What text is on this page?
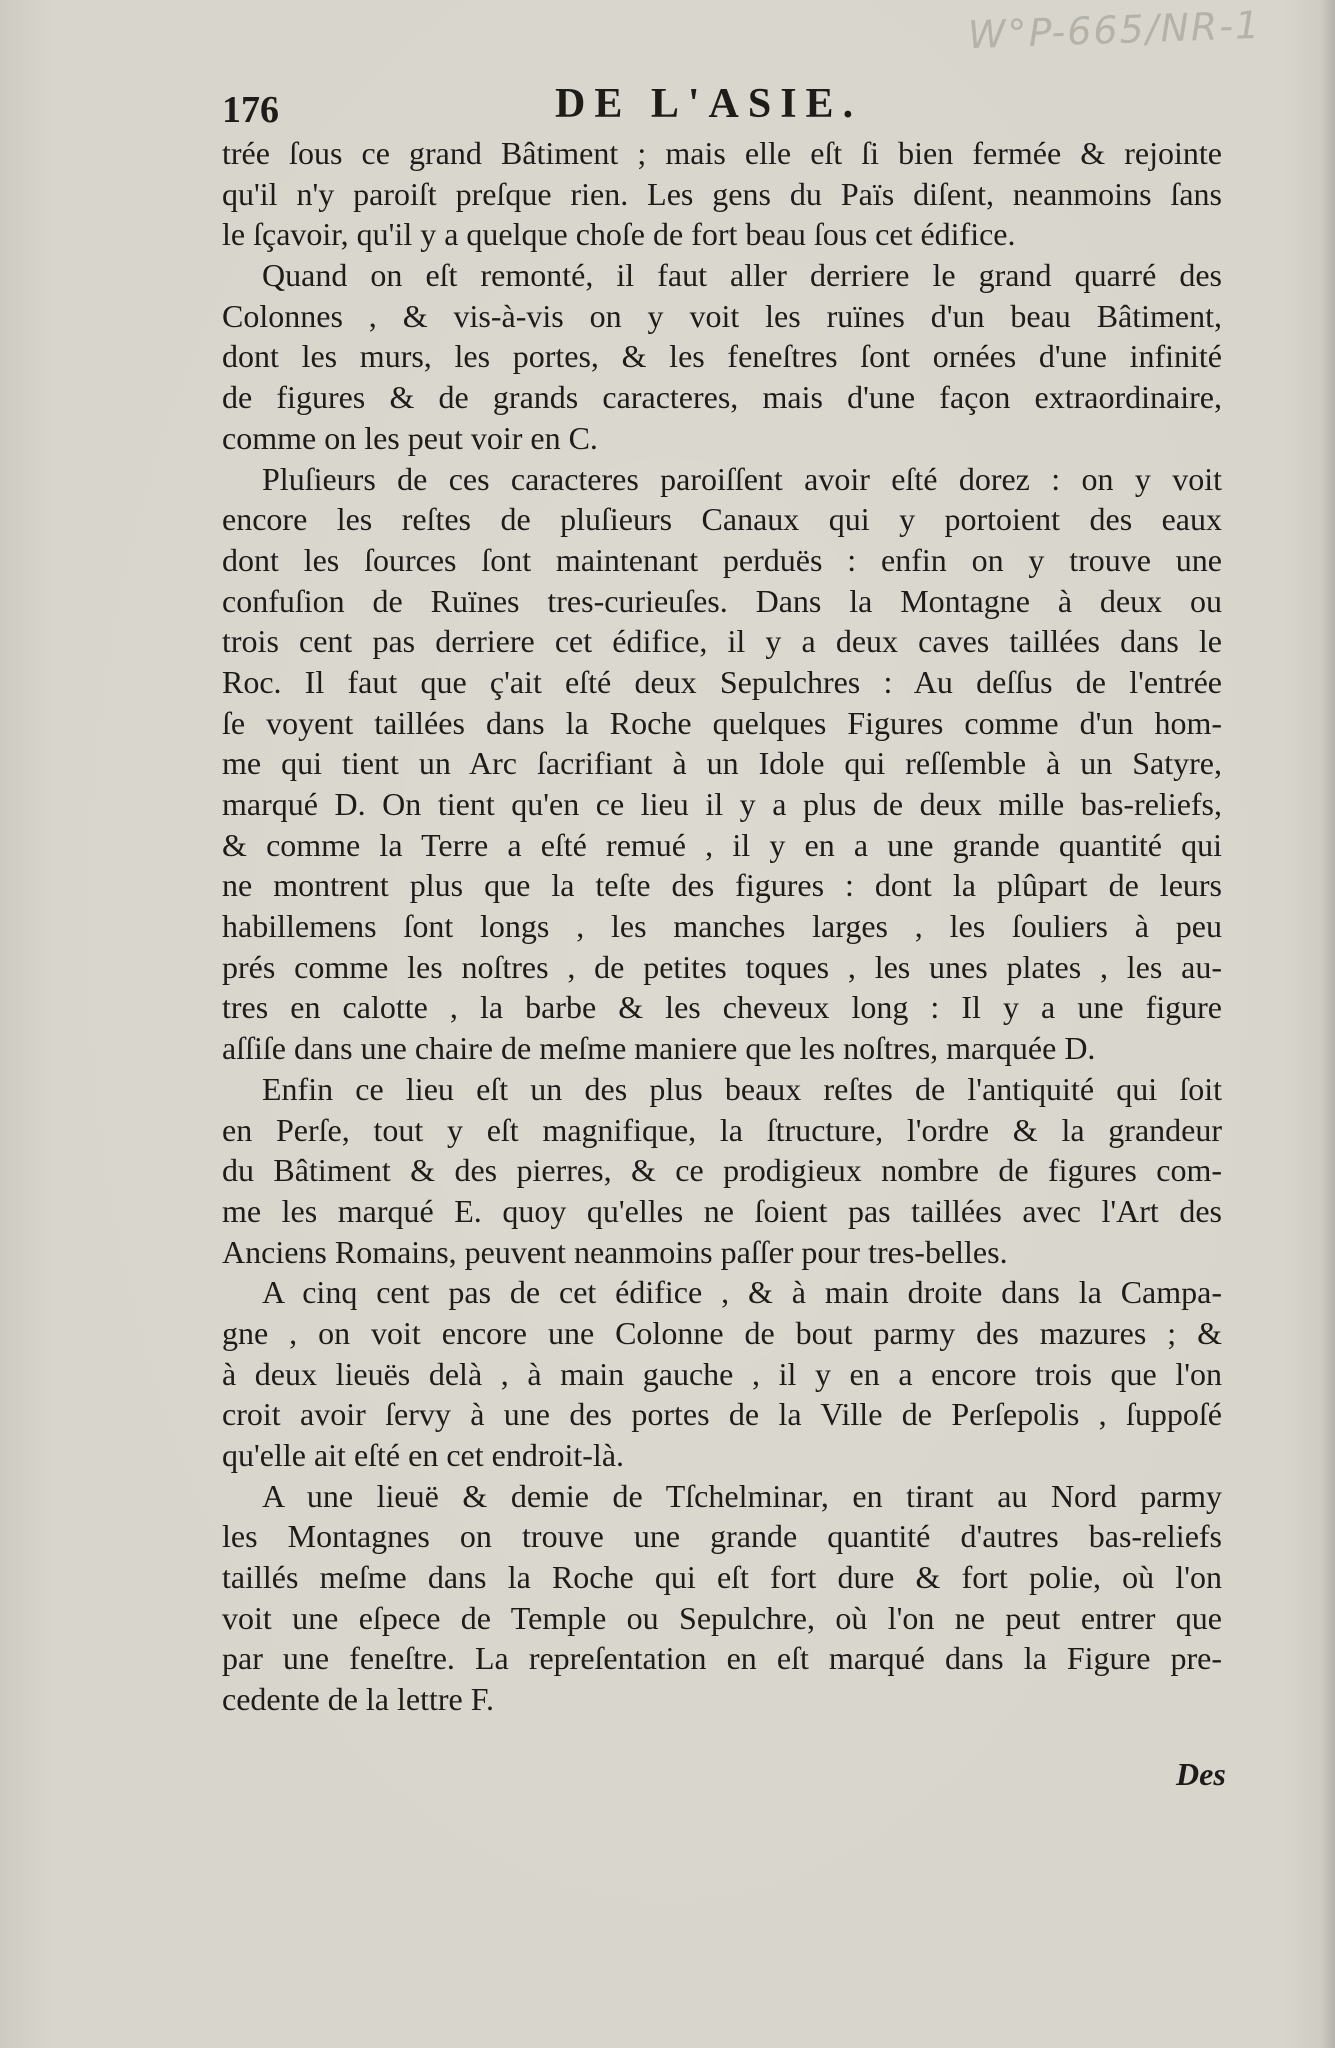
W°P-665/NR-1
176	DE L'ASIE.
trée ſous ce grand Bâtiment ; mais elle eſt ſi bien fermée & rejointe
qu'il n'y paroiſt preſque rien. Les gens du Païs diſent, neanmoins ſans
le ſçavoir, qu'il y a quelque choſe de fort beau ſous cet édifice.
Quand on eſt remonté, il faut aller derriere le grand quarré des
Colonnes , & vis-à-vis on y voit les ruïnes d'un beau Bâtiment,
dont les murs, les portes, & les feneſtres ſont ornées d'une infinité
de figures & de grands caracteres, mais d'une façon extraordinaire,
comme on les peut voir en C.
Pluſieurs de ces caracteres paroiſſent avoir eſté dorez : on y voit
encore les reſtes de pluſieurs Canaux qui y portoient des eaux
dont les ſources ſont maintenant perduës : enfin on y trouve une
confuſion de Ruïnes tres-curieuſes. Dans la Montagne à deux ou
trois cent pas derriere cet édifice, il y a deux caves taillées dans le
Roc. Il faut que ç'ait eſté deux Sepulchres : Au deſſus de l'entrée
ſe voyent taillées dans la Roche quelques Figures comme d'un hom-
me qui tient un Arc ſacrifiant à un Idole qui reſſemble à un Satyre,
marqué D. On tient qu'en ce lieu il y a plus de deux mille bas-reliefs,
& comme la Terre a eſté remué , il y en a une grande quantité qui
ne montrent plus que la teſte des figures : dont la plûpart de leurs
habillemens ſont longs , les manches larges , les ſouliers à peu
prés comme les noſtres , de petites toques , les unes plates , les au-
tres en calotte , la barbe & les cheveux long : Il y a une figure
aſſiſe dans une chaire de meſme maniere que les noſtres, marquée D.
Enfin ce lieu eſt un des plus beaux reſtes de l'antiquité qui ſoit
en Perſe, tout y eſt magnifique, la ſtructure, l'ordre & la grandeur
du Bâtiment & des pierres, & ce prodigieux nombre de figures com-
me les marqué E. quoy qu'elles ne ſoient pas taillées avec l'Art des
Anciens Romains, peuvent neanmoins paſſer pour tres-belles.
A cinq cent pas de cet édifice , & à main droite dans la Campa-
gne , on voit encore une Colonne de bout parmy des mazures ; &
à deux lieuës delà , à main gauche , il y en a encore trois que l'on
croit avoir ſervy à une des portes de la Ville de Perſepolis , ſuppoſé
qu'elle ait eſté en cet endroit-là.
A une lieuë & demie de Tſchelminar, en tirant au Nord parmy
les Montagnes on trouve une grande quantité d'autres bas-reliefs
taillés meſme dans la Roche qui eſt fort dure & fort polie, où l'on
voit une eſpece de Temple ou Sepulchre, où l'on ne peut entrer que
par une feneſtre. La repreſentation en eſt marqué dans la Figure pre-
cedente de la lettre F.
Des
